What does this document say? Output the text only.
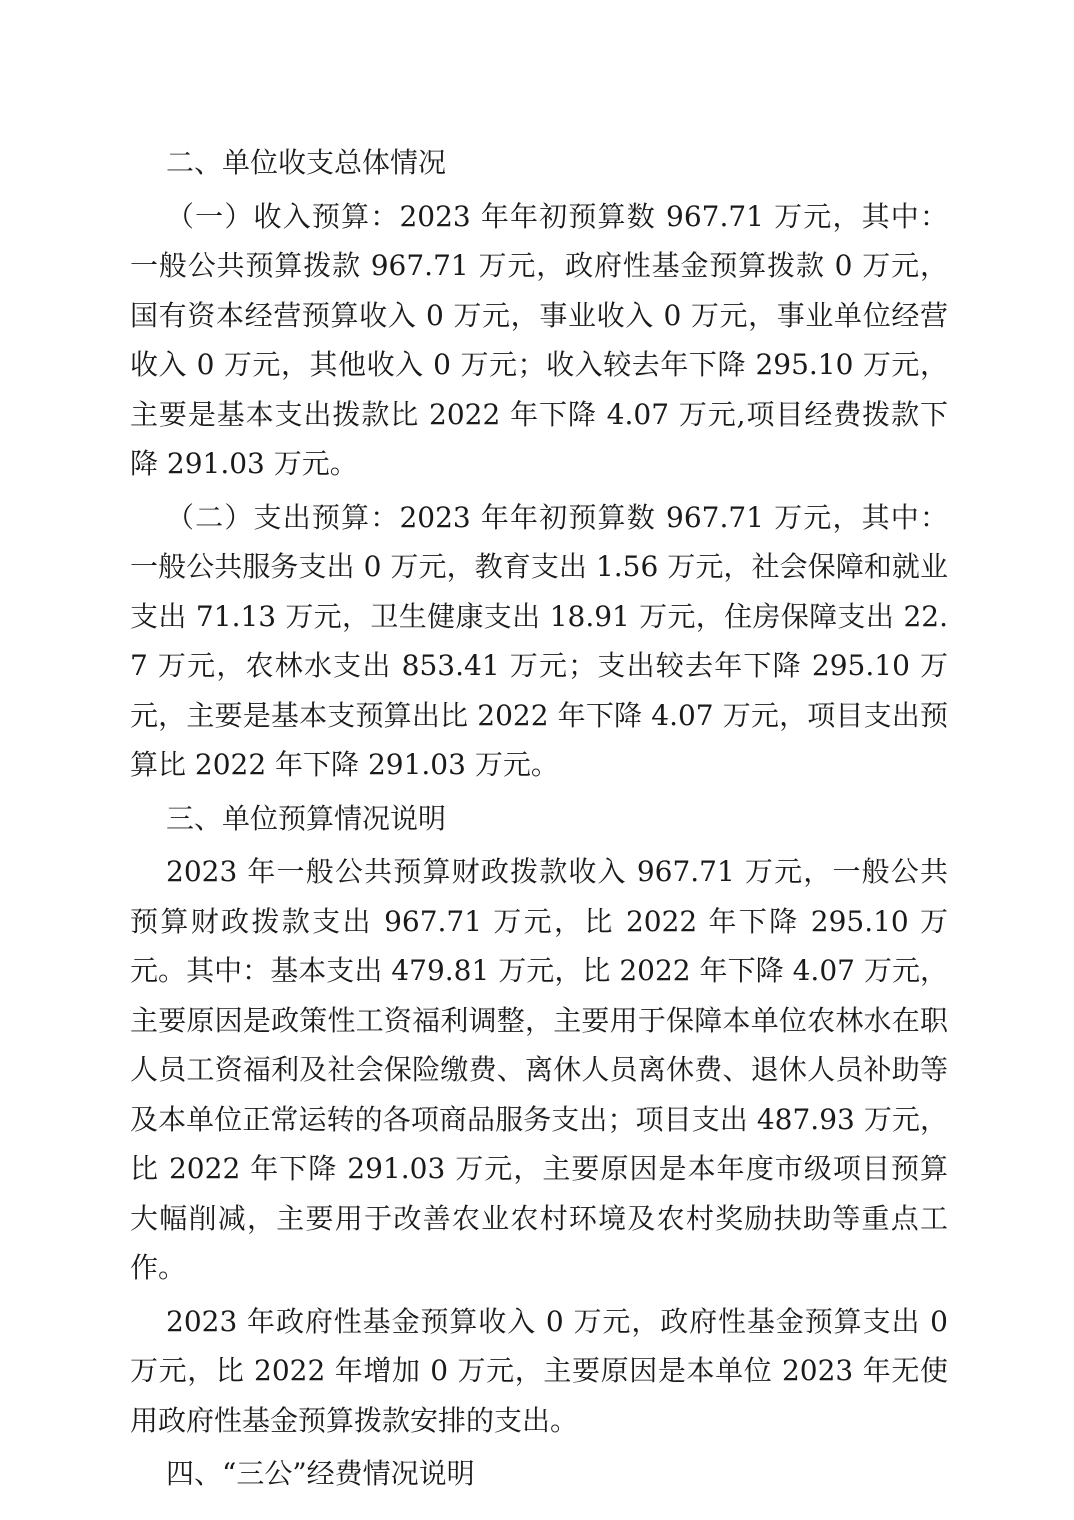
二、单位收支总体情况

（一）收入预算：2023 年年初预算数 967.71 万元，其中：一般公共预算拨款 967.71 万元，政府性基金预算拨款 0 万元，国有资本经营预算收入 0 万元，事业收入 0 万元，事业单位经营收入 0 万元，其他收入 0 万元；收入较去年下降 295.10 万元，主要是基本支出拨款比 2022 年下降 4.07 万元,项目经费拨款下降 291.03 万元。

（二）支出预算：2023 年年初预算数 967.71 万元，其中：一般公共服务支出 0 万元，教育支出 1.56 万元，社会保障和就业支出 71.13 万元，卫生健康支出 18.91 万元，住房保障支出 22.7 万元，农林水支出 853.41 万元；支出较去年下降 295.10 万元，主要是基本支预算出比 2022 年下降 4.07 万元，项目支出预算比 2022 年下降 291.03 万元。

三、单位预算情况说明

2023 年一般公共预算财政拨款收入 967.71 万元，一般公共预算财政拨款支出 967.71 万元，比 2022 年下降 295.10 万元。其中：基本支出 479.81 万元，比 2022 年下降 4.07 万元，主要原因是政策性工资福利调整，主要用于保障本单位农林水在职人员工资福利及社会保险缴费、离休人员离休费、退休人员补助等及本单位正常运转的各项商品服务支出；项目支出 487.93 万元，比 2022 年下降 291.03 万元，主要原因是本年度市级项目预算大幅削减，主要用于改善农业农村环境及农村奖励扶助等重点工作。

2023 年政府性基金预算收入 0 万元，政府性基金预算支出 0 万元，比 2022 年增加 0 万元，主要原因是本单位 2023 年无使用政府性基金预算拨款安排的支出。

四、“三公”经费情况说明
